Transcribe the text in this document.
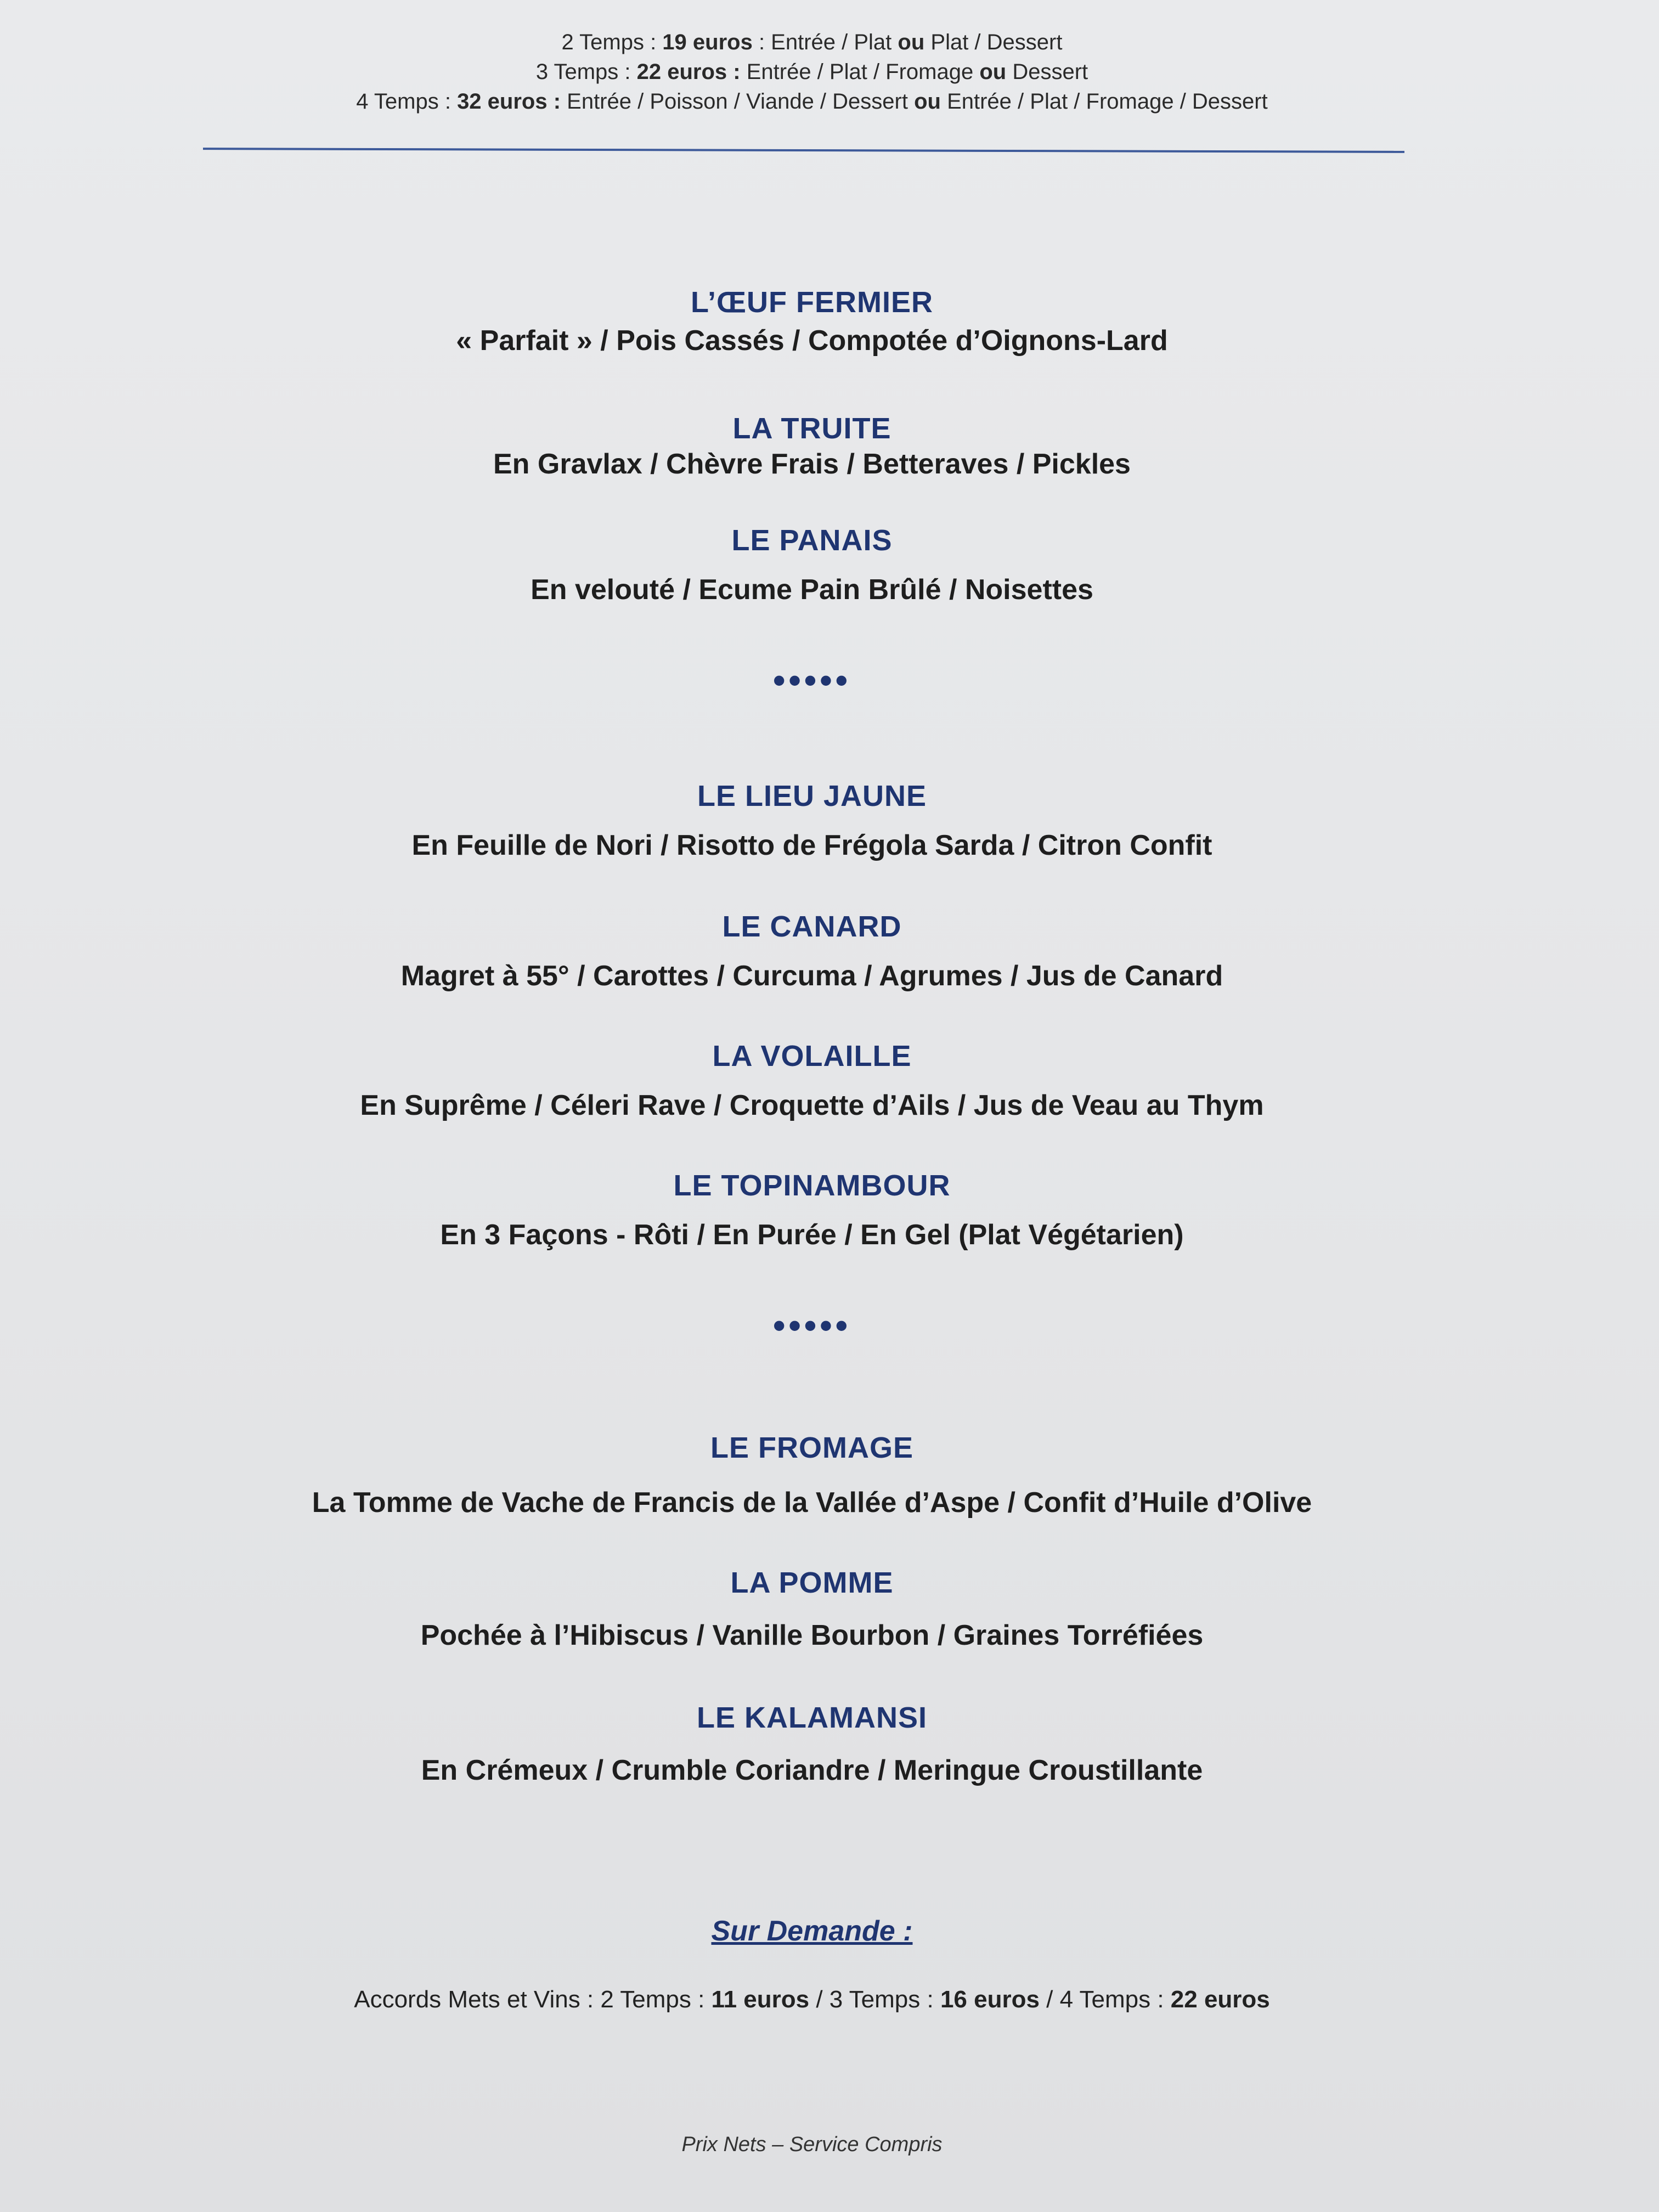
2 Temps : 19 euros : Entrée / Plat ou Plat / Dessert
3 Temps : 22 euros : Entrée / Plat / Fromage ou Dessert
4 Temps : 32 euros : Entrée / Poisson / Viande / Dessert ou Entrée / Plat / Fromage / Dessert
L’ŒUF FERMIER
« Parfait » / Pois Cassés / Compotée d’Oignons-Lard
LA TRUITE
En Gravlax / Chèvre Frais / Betteraves / Pickles
LE PANAIS
En velouté / Ecume Pain Brûlé / Noisettes
•••••
LE LIEU JAUNE
En Feuille de Nori / Risotto de Frégola Sarda / Citron Confit
LE CANARD
Magret à 55° / Carottes / Curcuma / Agrumes / Jus de Canard
LA VOLAILLE
En Suprême / Céleri Rave / Croquette d’Ails / Jus de Veau au Thym
LE TOPINAMBOUR
En 3 Façons - Rôti / En Purée / En Gel (Plat Végétarien)
•••••
LE FROMAGE
La Tomme de Vache de Francis de la Vallée d’Aspe / Confit d’Huile d’Olive
LA POMME
Pochée à l’Hibiscus / Vanille Bourbon / Graines Torréfiées
LE KALAMANSI
En Crémeux / Crumble Coriandre / Meringue Croustillante
Sur Demande :
Accords Mets et Vins : 2 Temps : 11 euros / 3 Temps : 16 euros / 4 Temps : 22 euros
Prix Nets – Service Compris
